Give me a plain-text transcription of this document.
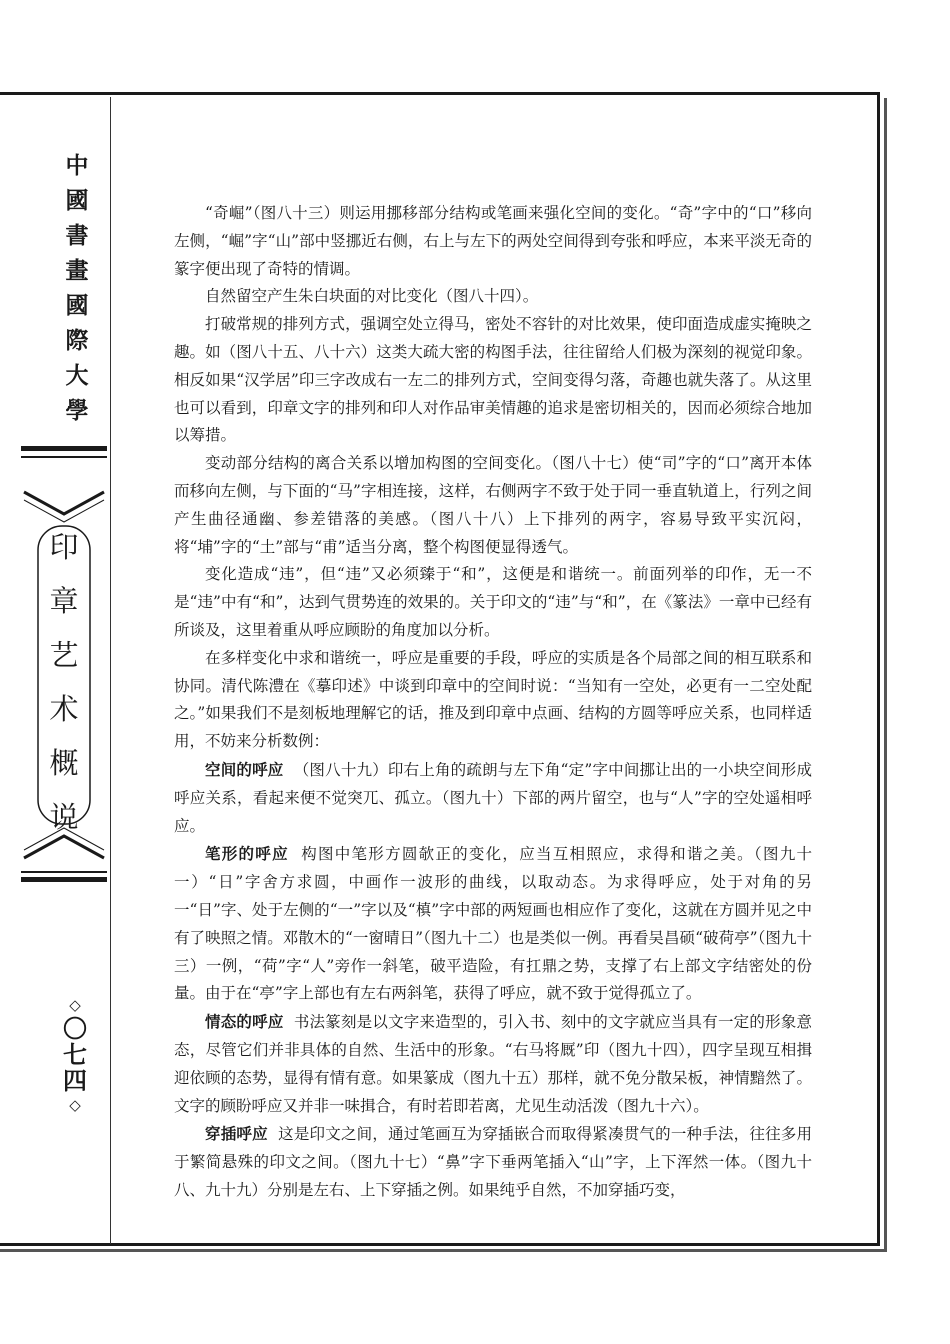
中
國
書
畫
國
際
大
學
印
章
艺
术
概
说
◇
〇
七
四
◇

“奇崛”（图八十三）则运用挪移部分结构或笔画来强化空间的变化。“奇”字中的“口”移向左侧，“崛”字“山”部中竖挪近右侧，右上与左下的两处空间得到夸张和呼应，本来平淡无奇的篆字便出现了奇特的情调。

自然留空产生朱白块面的对比变化（图八十四）。

打破常规的排列方式，强调空处立得马，密处不容针的对比效果，使印面造成虚实掩映之趣。如（图八十五、八十六）这类大疏大密的构图手法，往往留给人们极为深刻的视觉印象。相反如果“汉学居”印三字改成右一左二的排列方式，空间变得匀落，奇趣也就失落了。从这里也可以看到，印章文字的排列和印人对作品审美情趣的追求是密切相关的，因而必须综合地加以筹措。

变动部分结构的离合关系以增加构图的空间变化。（图八十七）使“司”字的“口”离开本体而移向左侧，与下面的“马”字相连接，这样，右侧两字不致于处于同一垂直轨道上，行列之间产生曲径通幽、参差错落的美感。（图八十八）上下排列的两字，容易导致平实沉闷，将“埔”字的“土”部与“甫”适当分离，整个构图便显得透气。

变化造成“违”，但“违”又必须臻于“和”，这便是和谐统一。前面列举的印作，无一不是“违”中有“和”，达到气贯势连的效果的。关于印文的“违”与“和”，在《篆法》一章中已经有所谈及，这里着重从呼应顾盼的角度加以分析。

在多样变化中求和谐统一，呼应是重要的手段，呼应的实质是各个局部之间的相互联系和协同。清代陈澧在《摹印述》中谈到印章中的空间时说：“当知有一空处，必更有一二空处配之。”如果我们不是刻板地理解它的话，推及到印章中点画、结构的方圆等呼应关系，也同样适用，不妨来分析数例：

空间的呼应 （图八十九）印右上角的疏朗与左下角“定”字中间挪让出的一小块空间形成呼应关系，看起来便不觉突兀、孤立。（图九十）下部的两片留空，也与“人”字的空处遥相呼应。

笔形的呼应 构图中笔形方圆欹正的变化，应当互相照应，求得和谐之美。（图九十一）“日”字舍方求圆，中画作一波形的曲线，以取动态。为求得呼应，处于对角的另一“日”字、处于左侧的“一”字以及“槙”字中部的两短画也相应作了变化，这就在方圆并见之中有了映照之情。邓散木的“一窗晴日”（图九十二）也是类似一例。再看吴昌硕“破荷亭”（图九十三）一例，“荷”字“人”旁作一斜笔，破平造险，有扛鼎之势，支撑了右上部文字结密处的份量。由于在“亭”字上部也有左右两斜笔，获得了呼应，就不致于觉得孤立了。

情态的呼应 书法篆刻是以文字来造型的，引入书、刻中的文字就应当具有一定的形象意态，尽管它们并非具体的自然、生活中的形象。“右马将厩”印（图九十四），四字呈现互相揖迎依顾的态势，显得有情有意。如果篆成（图九十五）那样，就不免分散呆板，神情黯然了。文字的顾盼呼应又并非一味揖合，有时若即若离，尤见生动活泼（图九十六）。

穿插呼应 这是印文之间，通过笔画互为穿插嵌合而取得紧凑贯气的一种手法，往往多用于繁简悬殊的印文之间。（图九十七）“鼻”字下垂两笔插入“山”字，上下浑然一体。（图九十八、九十九）分别是左右、上下穿插之例。如果纯乎自然，不加穿插巧变，
